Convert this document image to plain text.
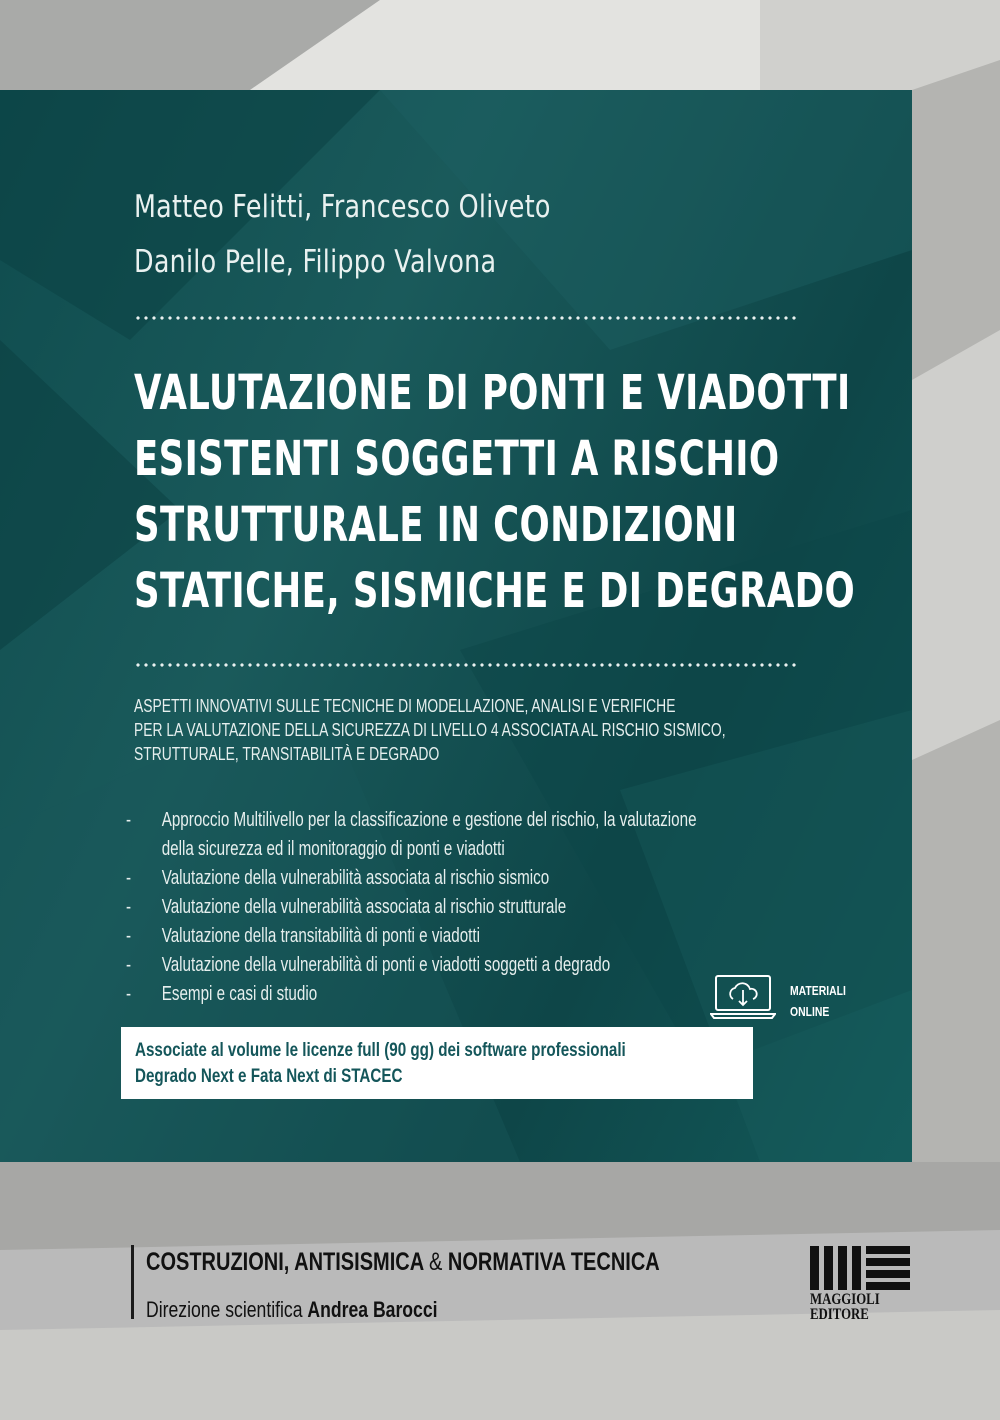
Matteo Felitti, Francesco Oliveto
Danilo Pelle, Filippo Valvona
VALUTAZIONE DI PONTI E VIADOTTI
ESISTENTI SOGGETTI A RISCHIO
STRUTTURALE IN CONDIZIONI
STATICHE, SISMICHE E DI DEGRADO
ASPETTI INNOVATIVI SULLE TECNICHE DI MODELLAZIONE, ANALISI E VERIFICHE
PER LA VALUTAZIONE DELLA SICUREZZA DI LIVELLO 4 ASSOCIATA AL RISCHIO SISMICO,
STRUTTURALE, TRANSITABILITÀ E DEGRADO
- Approccio Multilivello per la classificazione e gestione del rischio, la valutazione
della sicurezza ed il monitoraggio di ponti e viadotti
- Valutazione della vulnerabilità associata al rischio sismico
- Valutazione della vulnerabilità associata al rischio strutturale
- Valutazione della transitabilità di ponti e viadotti
- Valutazione della vulnerabilità di ponti e viadotti soggetti a degrado
- Esempi e casi di studio	MATERIALI
ONLINE
Associate al volume le licenze full (90 gg) dei software professionali
Degrado Next e Fata Next di STACEC
COSTRUZIONI, ANTISISMICA & NORMATIVA TECNICA
Direzione scientifica Andrea Barocci	MAGGIOLI
EDITORE
